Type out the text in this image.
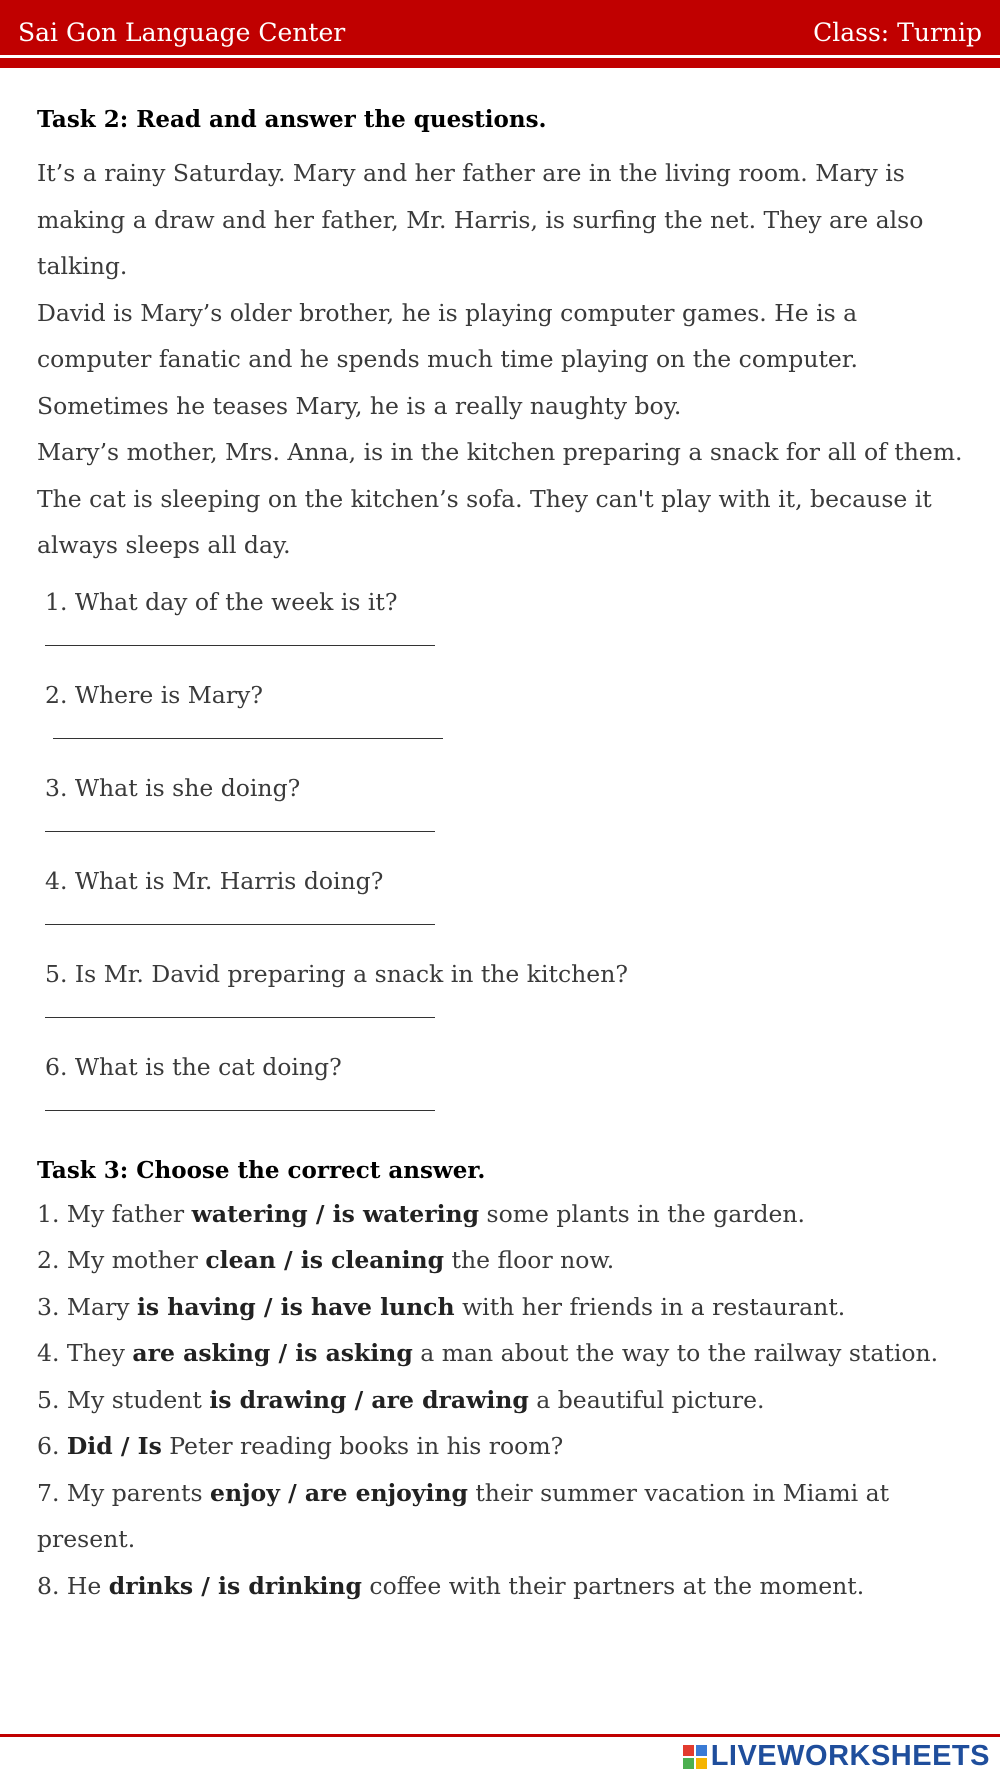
Sai Gon Language Center	Class: Turnip
Task 2: Read and answer the questions.

It’s a rainy Saturday. Mary and her father are in the living room. Mary is making a draw and her father, Mr. Harris, is surfing the net. They are also talking.

David is Mary’s older brother, he is playing computer games. He is a computer fanatic and he spends much time playing on the computer. Sometimes he teases Mary, he is a really naughty boy.

Mary’s mother, Mrs. Anna, is in the kitchen preparing a snack for all of them. The cat is sleeping on the kitchen’s sofa. They can't play with it, because it always sleeps all day.

1. What day of the week is it?
2. Where is Mary?
3. What is she doing?
4. What is Mr. Harris doing?
5. Is Mr. David preparing a snack in the kitchen?
6. What is the cat doing?
Task 3: Choose the correct answer.

1. My father watering / is watering some plants in the garden.

2. My mother clean / is cleaning the floor now.

3. Mary is having / is have lunch with her friends in a restaurant.

4. They are asking / is asking a man about the way to the railway station.

5. My student is drawing / are drawing a beautiful picture.

6. Did / Is Peter reading books in his room?

7. My parents enjoy / are enjoying their summer vacation in Miami at present.

8. He drinks / is drinking coffee with their partners at the moment.

LIVEWORKSHEETS
